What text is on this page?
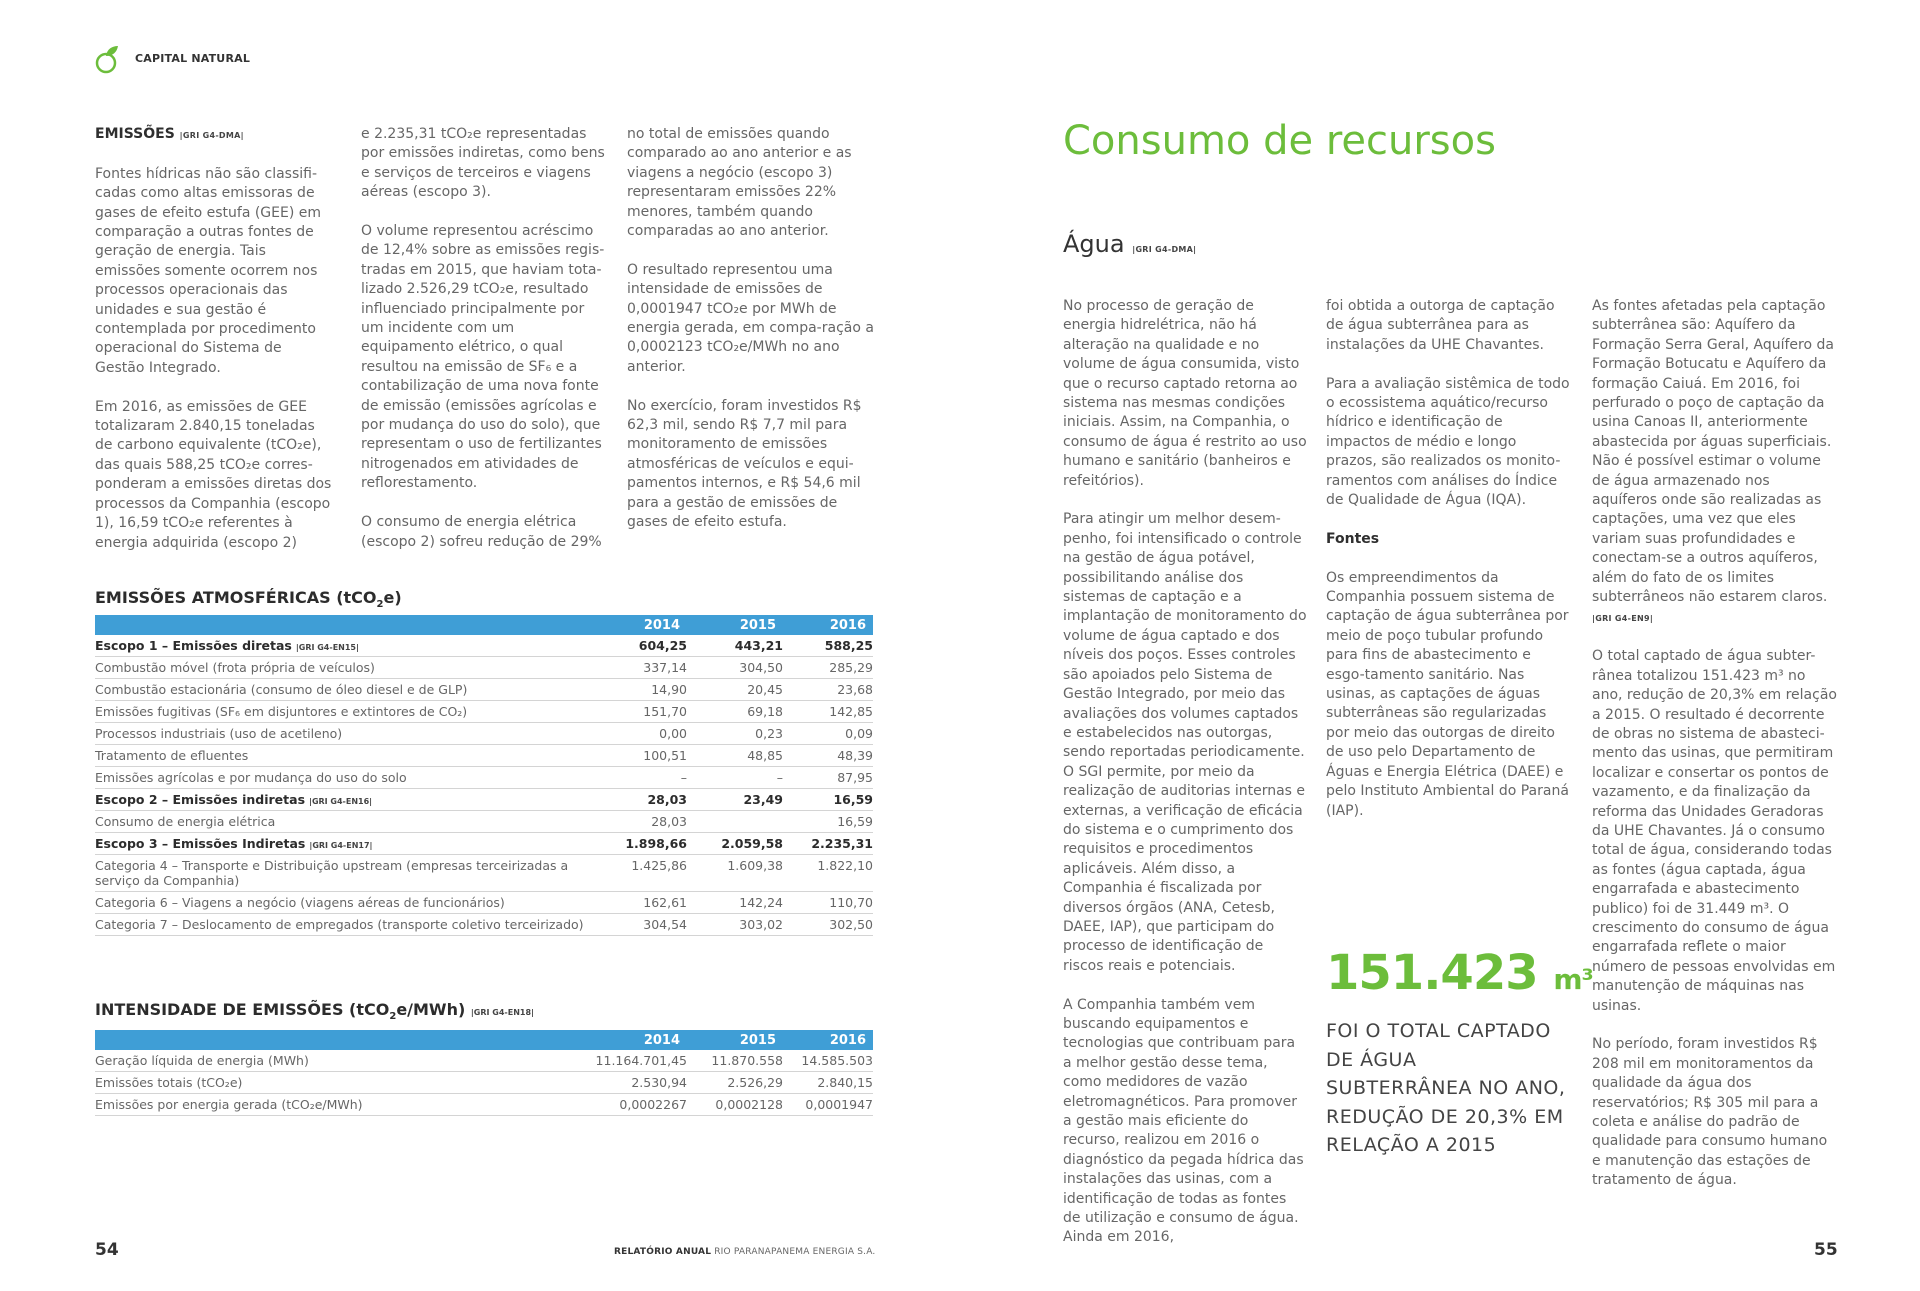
CAPITAL NATURAL
EMISSÕES |GRI G4-DMA|

Fontes hídricas não são classifi-cadas como altas emissoras de gases de efeito estufa (GEE) em comparação a outras fontes de geração de energia. Tais emissões somente ocorrem nos processos operacionais das unidades e sua gestão é contemplada por procedimento operacional do Sistema de Gestão Integrado.

Em 2016, as emissões de GEE totalizaram 2.840,15 toneladas de carbono equivalente (tCO₂e), das quais 588,25 tCO₂e corres-ponderam a emissões diretas dos processos da Companhia (escopo 1), 16,59 tCO₂e referentes à energia adquirida (escopo 2)

e 2.235,31 tCO₂e representadas por emissões indiretas, como bens e serviços de terceiros e viagens aéreas (escopo 3).

O volume representou acréscimo de 12,4% sobre as emissões regis-tradas em 2015, que haviam tota-lizado 2.526,29 tCO₂e, resultado influenciado principalmente por um incidente com um equipamento elétrico, o qual resultou na emissão de SF₆ e a contabilização de uma nova fonte de emissão (emissões agrícolas e por mudança do uso do solo), que representam o uso de fertilizantes nitrogenados em atividades de reflorestamento.

O consumo de energia elétrica (escopo 2) sofreu redução de 29%

no total de emissões quando comparado ao ano anterior e as viagens a negócio (escopo 3) representaram emissões 22% menores, também quando comparadas ao ano anterior.

O resultado representou uma intensidade de emissões de 0,0001947 tCO₂e por MWh de energia gerada, em compa-ração a 0,0002123 tCO₂e/MWh no ano anterior.

No exercício, foram investidos R$ 62,3 mil, sendo R$ 7,7 mil para monitoramento de emissões atmosféricas de veículos e equi-pamentos internos, e R$ 54,6 mil para a gestão de emissões de gases de efeito estufa.

EMISSÕES ATMOSFÉRICAS (tCO$_2$e)
	2014	2015	2016
Escopo 1 – Emissões diretas |GRI G4-EN15|	604,25	443,21	588,25
Combustão móvel (frota própria de veículos)	337,14	304,50	285,29
Combustão estacionária (consumo de óleo diesel e de GLP)	14,90	20,45	23,68
Emissões fugitivas (SF₆ em disjuntores e extintores de CO₂)	151,70	69,18	142,85
Processos industriais (uso de acetileno)	0,00	0,23	0,09
Tratamento de efluentes	100,51	48,85	48,39
Emissões agrícolas e por mudança do uso do solo	–	–	87,95
Escopo 2 – Emissões indiretas |GRI G4-EN16|	28,03	23,49	16,59
Consumo de energia elétrica	28,03		16,59
Escopo 3 – Emissões Indiretas |GRI G4-EN17|	1.898,66	2.059,58	2.235,31
Categoria 4 – Transporte e Distribuição upstream (empresas terceirizadas a serviço da Companhia)	1.425,86	1.609,38	1.822,10
Categoria 6 – Viagens a negócio (viagens aéreas de funcionários)	162,61	142,24	110,70
Categoria 7 – Deslocamento de empregados (transporte coletivo terceirizado)	304,54	303,02	302,50
INTENSIDADE DE EMISSÕES (tCO$_2$e/MWh) |GRI G4-EN18|
	2014	2015	2016
Geração líquida de energia (MWh)	11.164.701,45	11.870.558	14.585.503
Emissões totais (tCO₂e)	2.530,94	2.526,29	2.840,15
Emissões por energia gerada (tCO₂e/MWh)	0,0002267	0,0002128	0,0001947
54	RELATÓRIO ANUAL RIO PARANAPANEMA ENERGIA S.A.
Consumo de recursos
Água |GRI G4-DMA|

No processo de geração de energia hidrelétrica, não há alteração na qualidade e no volume de água consumida, visto que o recurso captado retorna ao sistema nas mesmas condições iniciais. Assim, na Companhia, o consumo de água é restrito ao uso humano e sanitário (banheiros e refeitórios).

Para atingir um melhor desem-penho, foi intensificado o controle na gestão de água potável, possibilitando análise dos sistemas de captação e a implantação de monitoramento do volume de água captado e dos níveis dos poços. Esses controles são apoiados pelo Sistema de Gestão Integrado, por meio das avaliações dos volumes captados e estabelecidos nas outorgas, sendo reportadas periodicamente. O SGI permite, por meio da realização de auditorias internas e externas, a verificação de eficácia do sistema e o cumprimento dos requisitos e procedimentos aplicáveis. Além disso, a Companhia é fiscalizada por diversos órgãos (ANA, Cetesb, DAEE, IAP), que participam do processo de identificação de riscos reais e potenciais.

A Companhia também vem buscando equipamentos e tecnologias que contribuam para a melhor gestão desse tema, como medidores de vazão eletromagnéticos. Para promover a gestão mais eficiente do recurso, realizou em 2016 o diagnóstico da pegada hídrica das instalações das usinas, com a identificação de todas as fontes de utilização e consumo de água. Ainda em 2016,

foi obtida a outorga de captação de água subterrânea para as instalações da UHE Chavantes.

Para a avaliação sistêmica de todo o ecossistema aquático/recurso hídrico e identificação de impactos de médio e longo prazos, são realizados os monito-ramentos com análises do Índice de Qualidade de Água (IQA).

Fontes

Os empreendimentos da Companhia possuem sistema de captação de água subterrânea por meio de poço tubular profundo para fins de abastecimento e esgo-tamento sanitário. Nas usinas, as captações de águas subterrâneas são regularizadas por meio das outorgas de direito de uso pelo Departamento de Águas e Energia Elétrica (DAEE) e pelo Instituto Ambiental do Paraná (IAP).

151.423 m³
FOI O TOTAL CAPTADO DE ÁGUA SUBTERRÂNEA NO ANO, REDUÇÃO DE 20,3% EM RELAÇÃO A 2015

As fontes afetadas pela captação subterrânea são: Aquífero da Formação Serra Geral, Aquífero da Formação Botucatu e Aquífero da formação Caiuá. Em 2016, foi perfurado o poço de captação da usina Canoas II, anteriormente abastecida por águas superficiais. Não é possível estimar o volume de água armazenado nos aquíferos onde são realizadas as captações, uma vez que eles variam suas profundidades e conectam-se a outros aquíferos, além do fato de os limites subterrâneos não estarem claros. |GRI G4-EN9|

O total captado de água subter-rânea totalizou 151.423 m³ no ano, redução de 20,3% em relação a 2015. O resultado é decorrente de obras no sistema de abasteci-mento das usinas, que permitiram localizar e consertar os pontos de vazamento, e da finalização da reforma das Unidades Geradoras da UHE Chavantes. Já o consumo total de água, considerando todas as fontes (água captada, água engarrafada e abastecimento publico) foi de 31.449 m³. O crescimento do consumo de água engarrafada reflete o maior número de pessoas envolvidas em manutenção de máquinas nas usinas.

No período, foram investidos R$ 208 mil em monitoramentos da qualidade da água dos reservatórios; R$ 305 mil para a coleta e análise do padrão de qualidade para consumo humano e manutenção das estações de tratamento de água.

55
